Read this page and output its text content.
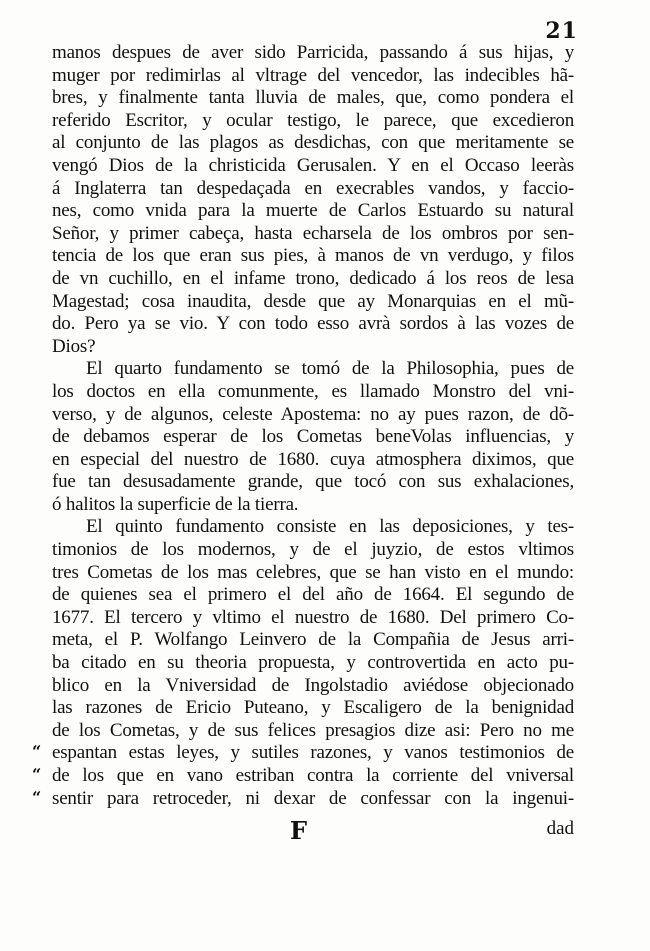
21
manos despues de aver sido Parricida, passando á sus hijas, y
muger por redimirlas al vltrage del vencedor, las indecibles hã-
bres, y finalmente tanta lluvia de males, que, como pondera el
referido Escritor, y ocular testigo, le parece, que excedieron
al conjunto de las plagos as desdichas, con que meritamente se
vengó Dios de la christicida Gerusalen. Y en el Occaso leeràs
á Inglaterra tan despedaçada en execrables vandos, y faccio-
nes, como vnida para la muerte de Carlos Estuardo su natural
Señor, y primer cabeça, hasta echarsela de los ombros por sen-
tencia de los que eran sus pies, à manos de vn verdugo, y filos
de vn cuchillo, en el infame trono, dedicado á los reos de lesa
Magestad; cosa inaudita, desde que ay Monarquias en el mũ-
do. Pero ya se vio. Y con todo esso avrà sordos à las vozes de
Dios?
El quarto fundamento se tomó de la Philosophia, pues de
los doctos en ella comunmente, es llamado Monstro del vni-
verso, y de algunos, celeste Apostema: no ay pues razon, de dõ-
de debamos esperar de los Cometas beneVolas influencias, y
en especial del nuestro de 1680. cuya atmosphera diximos, que
fue tan desusadamente grande, que tocó con sus exhalaciones,
ó halitos la superficie de la tierra.
El quinto fundamento consiste en las deposiciones, y tes-
timonios de los modernos, y de el juyzio, de estos vltimos
tres Cometas de los mas celebres, que se han visto en el mundo:
de quienes sea el primero el del año de 1664. El segundo de
1677. El tercero y vltimo el nuestro de 1680. Del primero Co-
meta, el P. Wolfango Leinvero de la Compañia de Jesus arri-
ba citado en su theoria propuesta, y controvertida en acto pu-
blico en la Vniversidad de Ingolstadio aviédose objecionado
las razones de Ericio Puteano, y Escaligero de la benignidad
de los Cometas, y de sus felices presagios dize asi: Pero no me
“ espantan estas leyes, y sutiles razones, y vanos testimonios de
“ de los que en vano estriban contra la corriente del vniversal
“ sentir para retroceder, ni dexar de confessar con la ingenui-
F	dad
